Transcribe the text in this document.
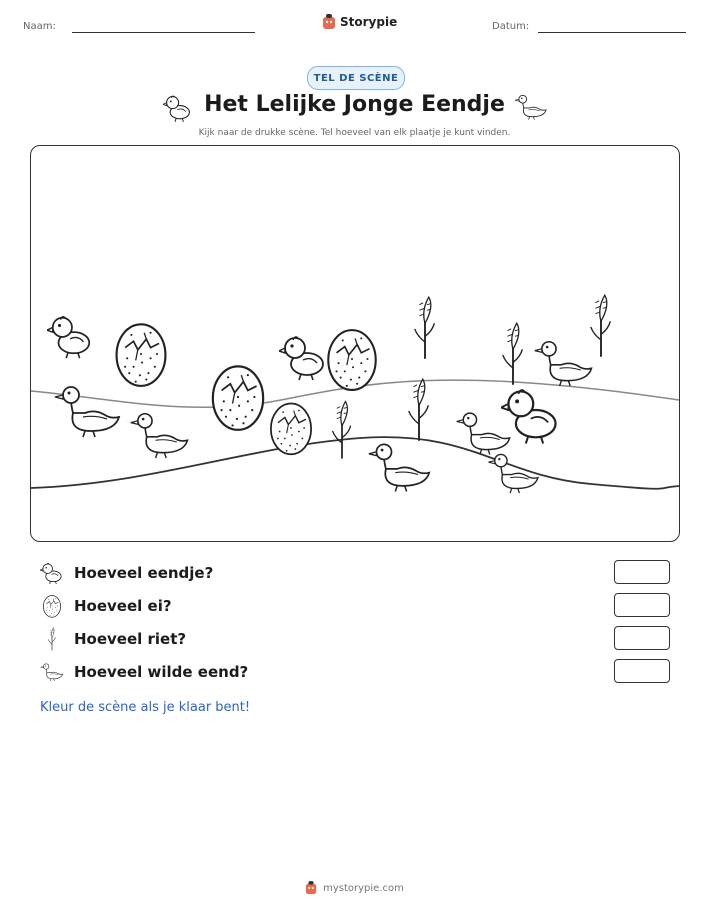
Naam:	Storypie	Datum:
TEL DE SCÈNE
Het Lelijke Jonge Eendje
Kijk naar de drukke scène. Tel hoeveel van elk plaatje je kunt vinden.
Hoeveel eendje?
Hoeveel ei?
Hoeveel riet?
Hoeveel wilde eend?
Kleur de scène als je klaar bent!
mystorypie.com
